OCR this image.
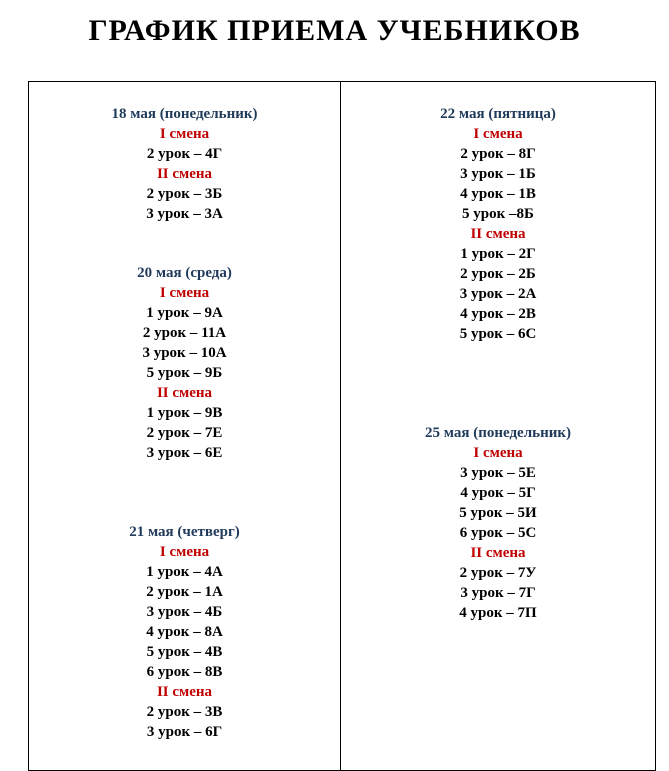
ГРАФИК ПРИЕМА УЧЕБНИКОВ
18 мая (понедельник)
I смена
2 урок – 4Г
II смена
2 урок – 3Б
3 урок – 3А
20 мая (среда)
I смена
1 урок – 9А
2 урок – 11А
3 урок – 10А
5 урок – 9Б
II смена
1 урок – 9В
2 урок – 7Е
3 урок – 6Е
21 мая (четверг)
I смена
1 урок – 4А
2 урок – 1А
3 урок – 4Б
4 урок – 8А
5 урок – 4В
6 урок – 8В
II смена
2 урок – 3В
3 урок – 6Г
22 мая (пятница)
I смена
2 урок – 8Г
3 урок – 1Б
4 урок – 1В
5 урок –8Б
II смена
1 урок – 2Г
2 урок – 2Б
3 урок – 2А
4 урок – 2В
5 урок – 6С
25 мая (понедельник)
I смена
3 урок – 5Е
4 урок – 5Г
5 урок – 5И
6 урок – 5С
II смена
2 урок – 7У
3 урок – 7Г
4 урок – 7П
